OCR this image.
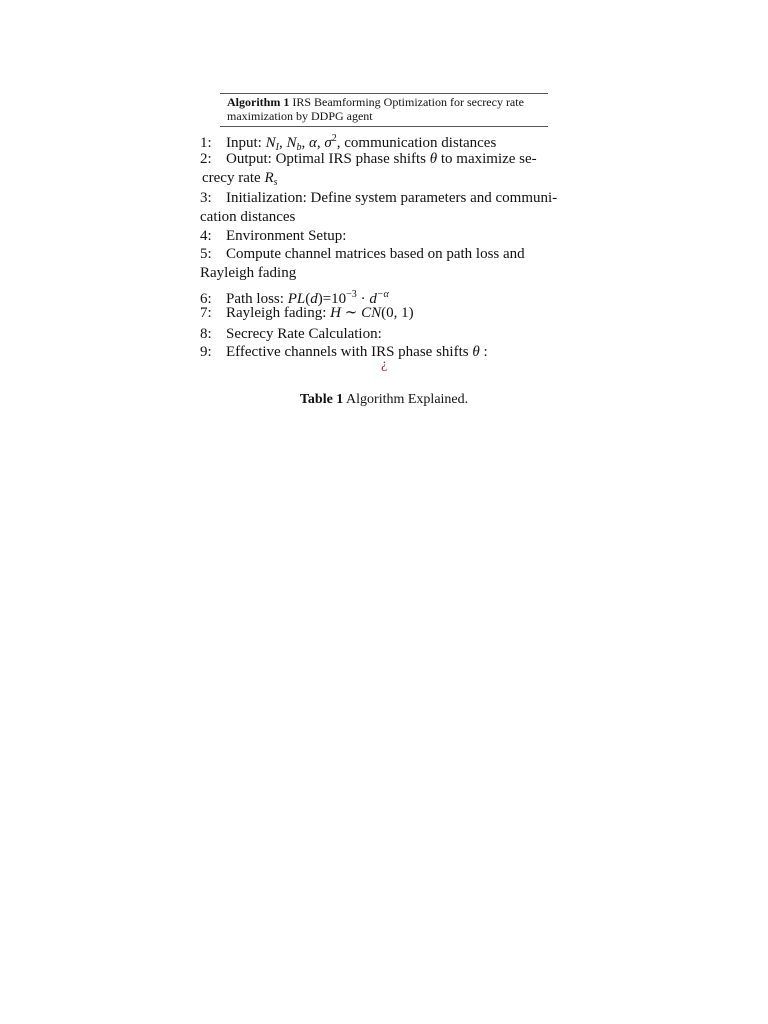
Algorithm 1 IRS Beamforming Optimization for secrecy rate
maximization by DDPG agent
1: Input: $N_I$, $N_b$, α, $\sigma^2$, communication distances
2: Output: Optimal IRS phase shifts θ to maximize se-
crecy rate $R_s$
3: Initialization: Define system parameters and communi-
cation distances
4: Environment Setup:
5: Compute channel matrices based on path loss and
Rayleigh fading
6: Path loss: $PL(d)=10^{-3} \cdot d^{-\alpha}$
7: Rayleigh fading: H ∼ CN(0, 1)
8: Secrecy Rate Calculation:
9: Effective channels with IRS phase shifts θ :
¿
Table 1 Algorithm Explained.
